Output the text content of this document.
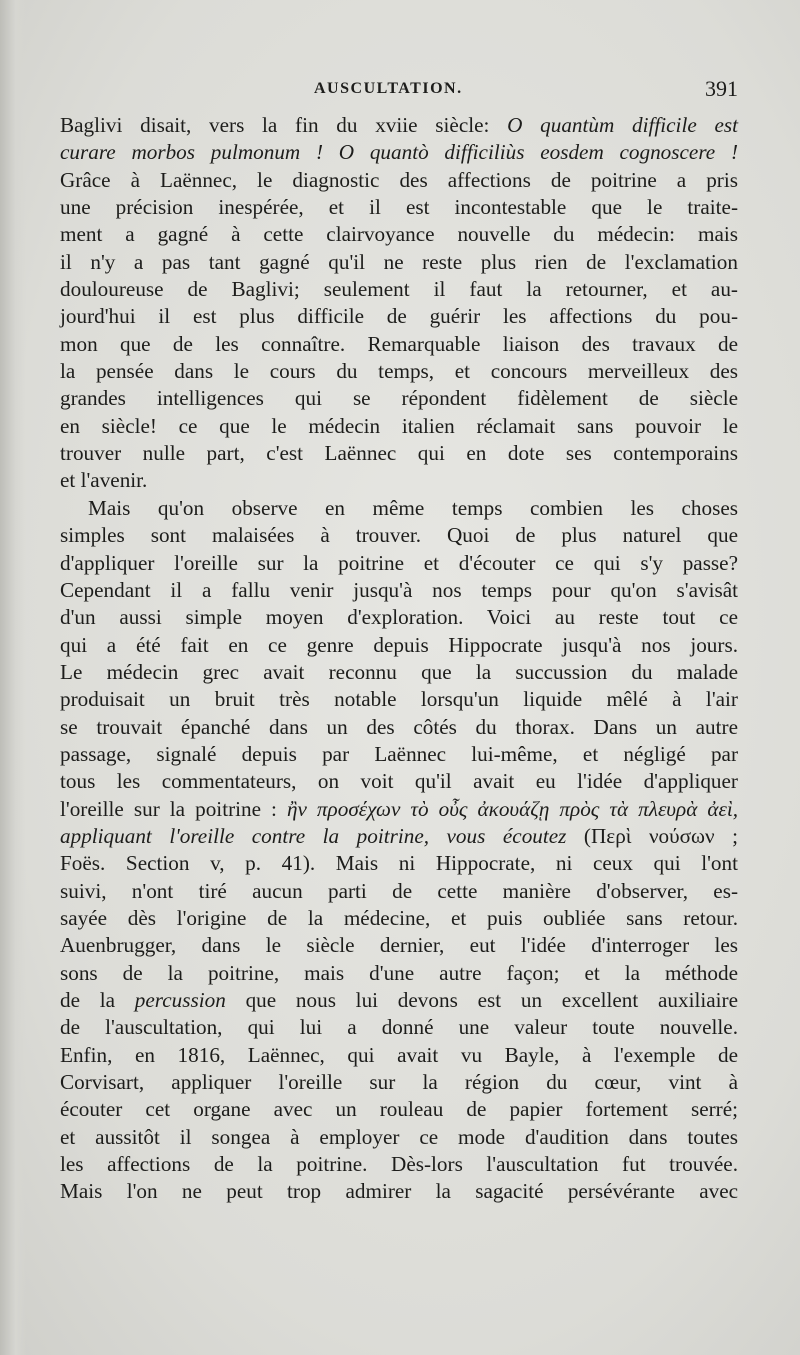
AUSCULTATION.	391
Baglivi disait, vers la fin du xviie siècle: O quantùm difficile est
curare morbos pulmonum ! O quantò difficiliùs eosdem cognoscere !
Grâce à Laënnec, le diagnostic des affections de poitrine a pris
une précision inespérée, et il est incontestable que le traite-
ment a gagné à cette clairvoyance nouvelle du médecin: mais
il n'y a pas tant gagné qu'il ne reste plus rien de l'exclamation
douloureuse de Baglivi; seulement il faut la retourner, et au-
jourd'hui il est plus difficile de guérir les affections du pou-
mon que de les connaître. Remarquable liaison des travaux de
la pensée dans le cours du temps, et concours merveilleux des
grandes intelligences qui se répondent fidèlement de siècle
en siècle! ce que le médecin italien réclamait sans pouvoir le
trouver nulle part, c'est Laënnec qui en dote ses contemporains
et l'avenir.
Mais qu'on observe en même temps combien les choses
simples sont malaisées à trouver. Quoi de plus naturel que
d'appliquer l'oreille sur la poitrine et d'écouter ce qui s'y passe?
Cependant il a fallu venir jusqu'à nos temps pour qu'on s'avisât
d'un aussi simple moyen d'exploration. Voici au reste tout ce
qui a été fait en ce genre depuis Hippocrate jusqu'à nos jours.
Le médecin grec avait reconnu que la succussion du malade
produisait un bruit très notable lorsqu'un liquide mêlé à l'air
se trouvait épanché dans un des côtés du thorax. Dans un autre
passage, signalé depuis par Laënnec lui-même, et négligé par
tous les commentateurs, on voit qu'il avait eu l'idée d'appliquer
l'oreille sur la poitrine : ἢν προσέχων τὸ οὖς ἀκουάζῃ πρὸς τὰ πλευρὰ ἀεὶ,
appliquant l'oreille contre la poitrine, vous écoutez (Περὶ νούσων ;
Foës. Section v, p. 41). Mais ni Hippocrate, ni ceux qui l'ont
suivi, n'ont tiré aucun parti de cette manière d'observer, es-
sayée dès l'origine de la médecine, et puis oubliée sans retour.
Auenbrugger, dans le siècle dernier, eut l'idée d'interroger les
sons de la poitrine, mais d'une autre façon; et la méthode
de la percussion que nous lui devons est un excellent auxiliaire
de l'auscultation, qui lui a donné une valeur toute nouvelle.
Enfin, en 1816, Laënnec, qui avait vu Bayle, à l'exemple de
Corvisart, appliquer l'oreille sur la région du cœur, vint à
écouter cet organe avec un rouleau de papier fortement serré;
et aussitôt il songea à employer ce mode d'audition dans toutes
les affections de la poitrine. Dès-lors l'auscultation fut trouvée.
Mais l'on ne peut trop admirer la sagacité persévérante avec
